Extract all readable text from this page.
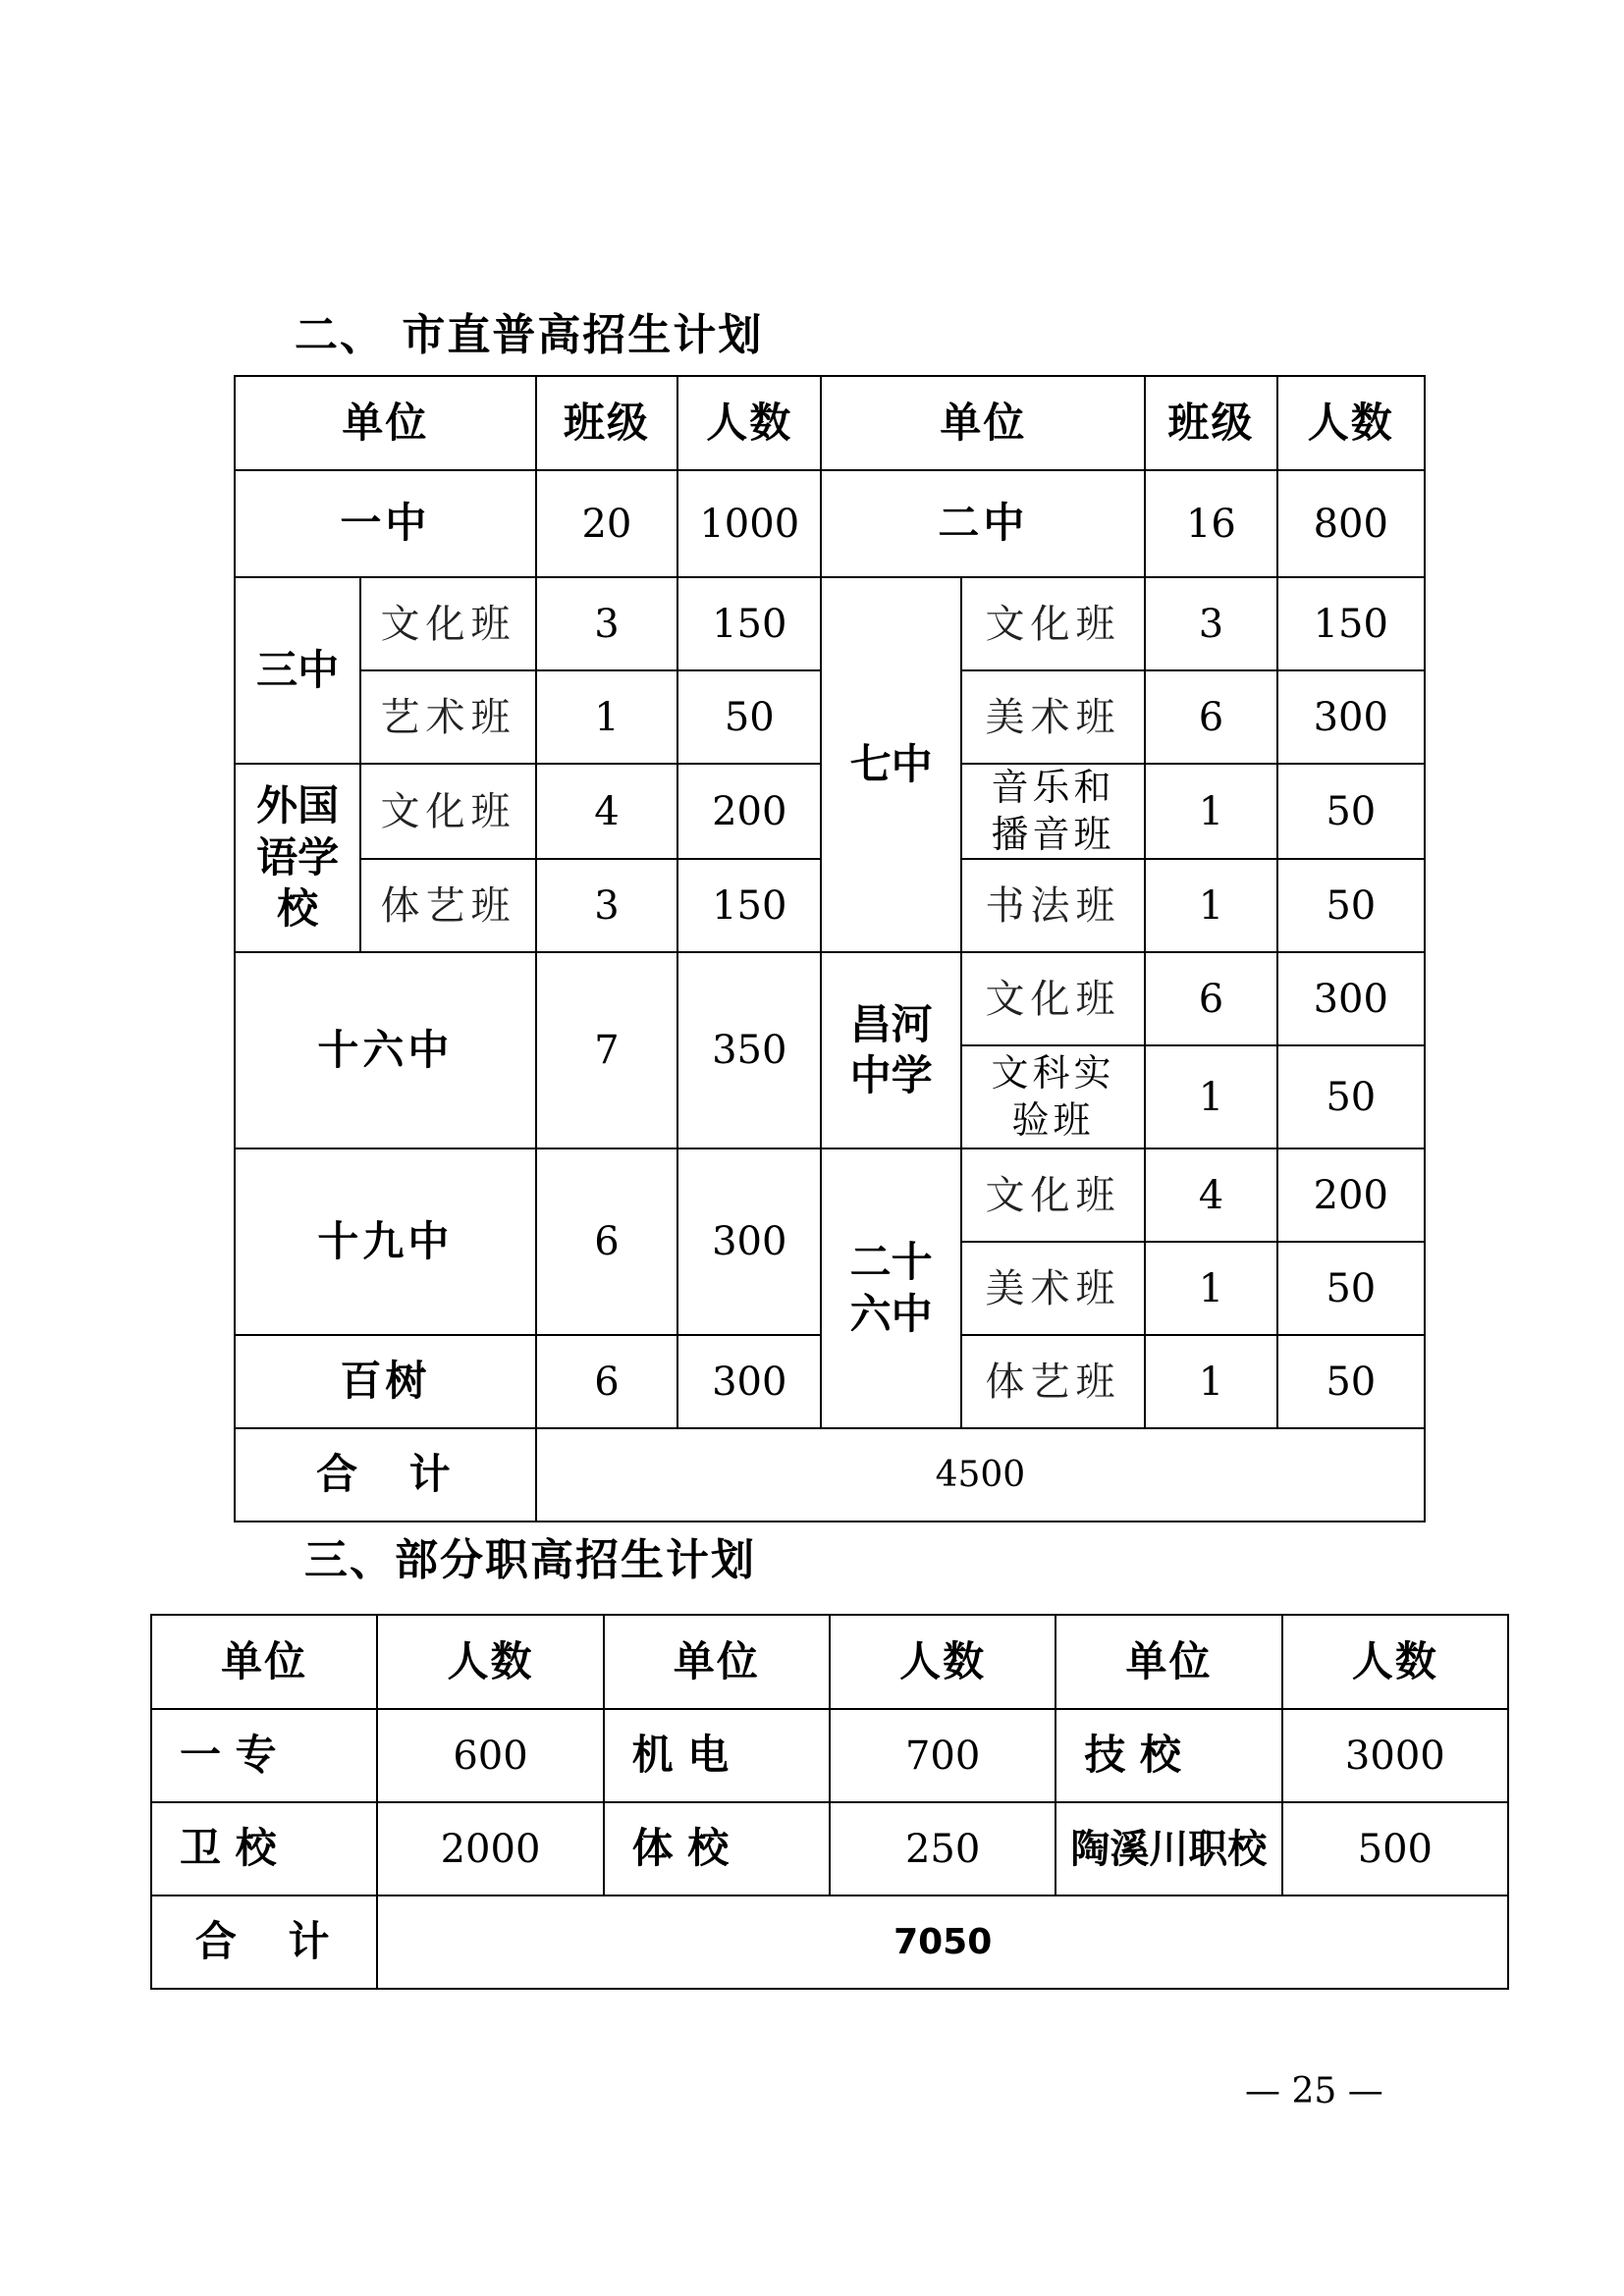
二、 市直普高招生计划
单位		班级	人数	单位		班级	人数
一中		20	1000	二中		16	800
三中	文化班	3	150	七中	文化班	3	150
	艺术班	1	50		美术班	6	300
外国语学校	文化班	4	200		音乐和播音班	1	50
	体艺班	3	150		书法班	1	50
十六中		7	350	昌河中学	文化班	6	300
					文科实验班	1	50
十九中		6	300	二十六中	文化班	4	200
					美术班	1	50
百树		6	300		体艺班	1	50
合 计		4500					
三、部分职高招生计划
单位	人数	单位	人数	单位	人数

一 专	600	机 电	700	技 校	3000

卫 校	2000	体 校	250	陶溪川职校	500
合 计	7050				
— 25 —
